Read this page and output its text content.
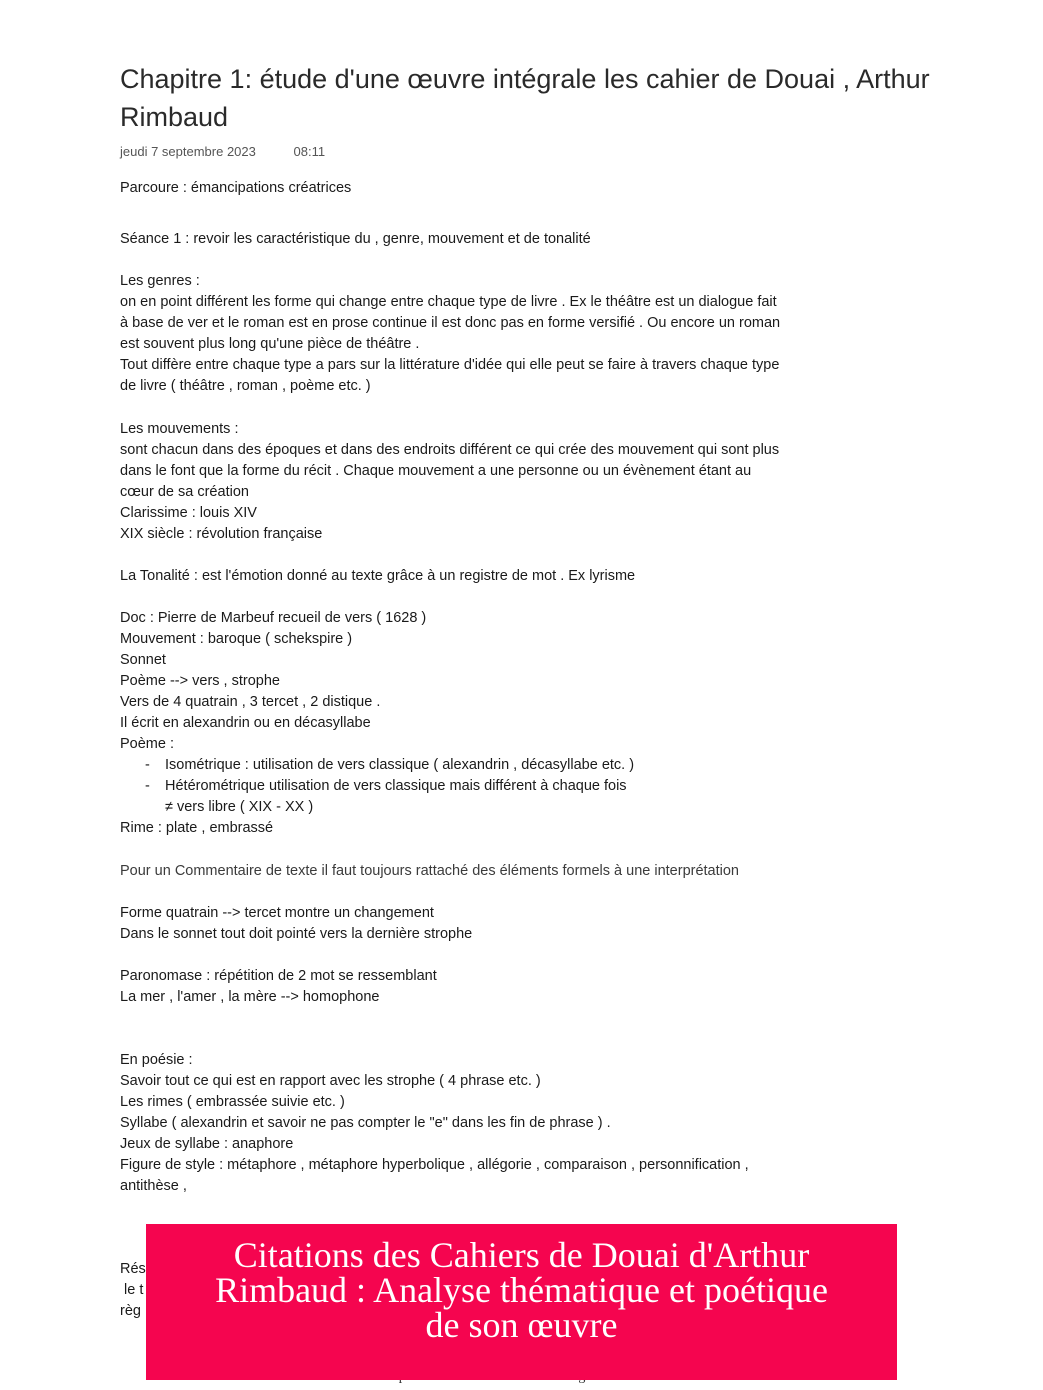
Chapitre 1: étude d'une œuvre intégrale les cahier de Douai , Arthur Rimbaud
jeudi 7 septembre 2023	08:11
Parcoure : émancipations créatrices
Séance 1 : revoir les caractéristique du , genre, mouvement et de tonalité
Les genres :
on en point différent les forme qui change entre chaque type de livre . Ex le théâtre est un dialogue fait
à base de ver et le roman est en prose continue il est donc pas en forme versifié . Ou encore un roman
est souvent plus long qu'une pièce de théâtre .
Tout diffère entre chaque type a pars sur la littérature d'idée qui elle peut se faire à travers chaque type
de livre ( théâtre , roman , poème etc. )
Les mouvements :
sont chacun dans des époques et dans des endroits différent ce qui crée des mouvement qui sont plus
dans le font que la forme du récit . Chaque mouvement a une personne ou un évènement étant au
cœur de sa création
Clarissime : louis XIV
XIX siècle : révolution française
La Tonalité : est l'émotion donné au texte grâce à un registre de mot . Ex lyrisme
Doc : Pierre de Marbeuf recueil de vers ( 1628 )
Mouvement : baroque ( schekspire )
Sonnet
Poème --> vers , strophe
Vers de 4 quatrain , 3 tercet , 2 distique .
Il écrit en alexandrin ou en décasyllabe
Poème :
- Isométrique : utilisation de vers classique ( alexandrin , décasyllabe etc. )
- Hétérométrique utilisation de vers classique mais différent à chaque fois
≠ vers libre ( XIX - XX )
Rime : plate , embrassé
Pour un Commentaire de texte il faut toujours rattaché des éléments formels à une interprétation
Forme quatrain --> tercet montre un changement
Dans le sonnet tout doit pointé vers la dernière strophe
Paronomase : répétition de 2 mot se ressemblant
La mer , l'amer , la mère --> homophone
En poésie :
Savoir tout ce qui est en rapport avec les strophe ( 4 phrase etc. )
Les rimes ( embrassée suivie etc. )
Syllabe ( alexandrin et savoir ne pas compter le "e" dans les fin de phrase ) .
Jeux de syllabe : anaphore
Figure de style : métaphore , métaphore hyperbolique , allégorie , comparaison , personnification ,
antithèse ,
Rés
le t
règ
Citations des Cahiers de Douai d'Arthur Rimbaud : Analyse thématique et poétique de son œuvre
